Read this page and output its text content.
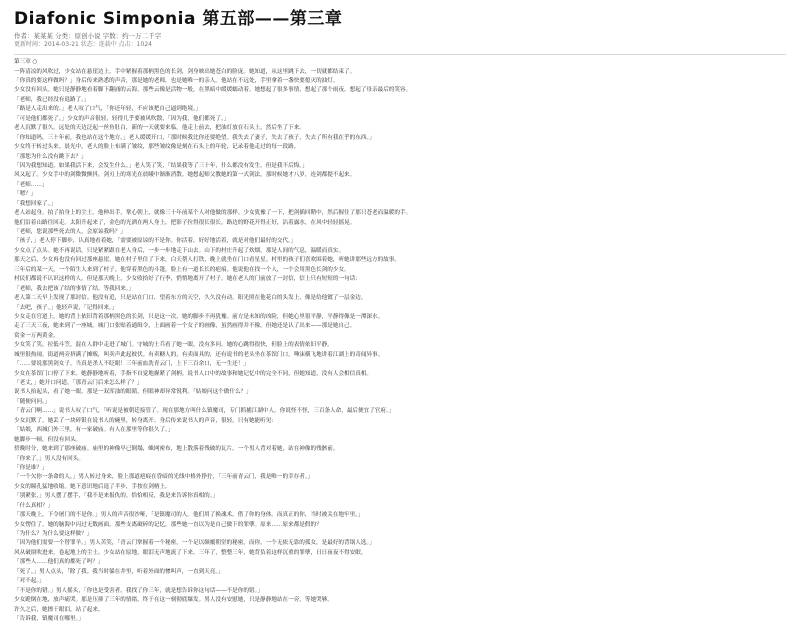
Diafonic Simponia 第五部——第三章
作者：某某某 分类：原创小说 字数：约一万二千字
更新时间：2014-03-21 状态：连载中 点击：1024

第三章 ○

一阵清凉的风吹过，少女站在悬崖边上，手中紧握着那柄黑色的长剑，剑身映出她苍白的脸庞。她知道，从这里跳下去，一切就都结束了。

「你真的要这样做吗？」身后传来熟悉的声音，那是她的老师，也是她唯一的亲人。他站在不远处，手里拿着一盏快要熄灭的油灯。

少女没有回头。她只是静静地看着脚下翻涌的云海，那些云像是活物一般，在黑暗中缓缓蠕动着。她想起了很多事情，想起了那个雨夜，想起了母亲最后的笑容。

「老师，我已经没有退路了。」

「路是人走出来的。」老人叹了口气，「你还年轻，不应该把自己逼到绝境。」

「可是他们都死了。」少女的声音很轻，轻得几乎要被风吹散，「因为我，他们都死了。」

老人沉默了很久。远处的天边泛起一丝鱼肚白，新的一天就要来临。他走上前去，把油灯放在石头上，然后坐了下来。

「你知道吗，三十年前，我也站在这个地方。」老人缓缓开口，「那时候我比你还要绝望。我失去了妻子，失去了孩子，失去了所有我在乎的东西。」

少女终于转过头来。晨光中，老人的脸上布满了皱纹，那些皱纹像是刻在石头上的年轮，记录着他走过的每一段路。

「那您为什么没有跳下去？」

「因为我想知道，如果我活下来，会发生什么。」老人笑了笑，「结果我等了三十年，什么都没有发生。但是我不后悔。」

风又起了。少女手中的剑微微颤抖，剑刃上的寒光在晨曦中渐渐消散。她想起师父教她的第一式剑法，那时候她才八岁，连剑都提不起来。

「老师……」

「嗯？」

「我想回家了。」

老人站起身，拍了拍身上的尘土。他伸出手，掌心朝上，就像三十年前某个人对他做的那样。少女犹豫了一下，把剑插回鞘中，然后握住了那只苍老而温暖的手。

他们沿着山路往回走。太阳升起来了，金色的光洒在两人身上，把影子拉得很长很长。路边的野花开得正好，沾着露水，在风中轻轻摇晃。

「老师，您说那些死去的人，会原谅我吗？」

「孩子，」老人停下脚步，认真地看着她，「需要被原谅的不是你。你活着，好好地活着，就是对他们最好的交代。」

少女点了点头。她不再说话，只是紧紧跟在老人身后，一步一步地走下山去。山下的村庄升起了炊烟，那是人间的气息，温暖而真实。

那天之后，少女再也没有回过那座悬崖。她在村子里住了下来，白天帮人打铁，晚上就坐在门口看星星。村里的孩子们喜欢围着她，听她讲那些远方的故事。

三年后的某一天，一个陌生人来到了村子。他穿着黑色的斗篷，脸上有一道长长的疤痕。他说他在找一个人，一个会用黑色长剑的少女。

村民们都说不认识这样的人。但是那天晚上，少女收拾好了行李，悄悄地离开了村子。她在老人的门前放了一封信，信上只有短短的一句话：

「老师，我去把该了结的事情了结。等我回来。」

老人第二天早上发现了那封信。他没有追，只是站在门口，望着东方的天空，久久没有动。阳光照在他花白的头发上，像是给他镀了一层金边。

「去吧，孩子。」他轻声说，「记得回来。」

少女走在官道上。她的背上依旧背着那柄黑色的长剑，只是这一次，她的脚步不再犹豫。前方是未知的凶险，但她心里很平静，平静得像是一潭深水。

走了三天三夜，她来到了一座城。城门口张贴着通缉令，上面画着一个女子的画像，虽然画得并不像，但她还是认了出来——那是她自己。

赏金一万两黄金。

少女笑了笑，拉低斗笠，混在人群中走进了城门。守城的士兵看了她一眼，没有多问。她的心跳得很快，但脸上的表情依旧平静。

城里很热闹。街道两旁挤满了摊贩，叫卖声此起彼伏。有卖糖人的，有卖面具的，还有说书的老头坐在茶馆门口，唾沫横飞地讲着江湖上的奇闻异事。

「……要说那黑剑女子，当真是杀人不眨眼！三年前血洗青云门，上下三百余口，无一生还！」

少女在茶馆门口停了下来。她静静地听着，手指不自觉地握紧了剑柄。说书人口中的故事和她记忆中的完全不同，但她知道，没有人会相信真相。

「老丈，」她开口问道，「那青云门后来怎么样了？」

说书人抬起头，看了她一眼。那是一双浑浊的眼睛，但眼神却异常锐利。「姑娘问这个做什么？」

「随便问问。」

「青云门啊……」说书人叹了口气，「听说是被朝廷接管了。现在那地方叫什么镇魔司，专门抓捕江湖中人。你说怪不怪，三百条人命，最后便宜了官府。」

少女沉默了。她丢了一块碎银在说书人的碗里，转身离开。身后传来说书人的声音，很轻，只有她能听见：

「姑娘，西城门外三里，有一家破庙。有人在那里等你很久了。」

她脚步一顿，但没有回头。

傍晚时分，她来到了那座破庙。庙里的神像早已倒塌，蛛网密布，地上散落着残破的瓦片。一个男人背对着她，站在神像的残骸前。

「你来了。」男人没有回头。

「你是谁？」

「一个欠你一条命的人。」男人转过身来，脸上那道疤痕在昏暗的光线中格外狰狞，「三年前青云门，我是唯一的幸存者。」

少女的瞳孔猛地收缩。她下意识地后退了半步，手按在剑柄上。

「别紧张，」男人摆了摆手，「我不是来报仇的。恰恰相反，我是来告诉你真相的。」

「什么真相？」

「那天晚上，下令屠门的不是你。」男人的声音很沙哑，「是镇魔司的人。他们用了换魂术，借了你的身体。而真正的你，当时被关在地牢里。」

少女愣住了。她的脑海中闪过无数画面，那些支离破碎的记忆，那些她一直以为是自己做下的罪孽。原来……原来都是假的？

「为什么？为什么要这样做？」

「因为他们需要一个替罪羊。」男人苦笑，「青云门掌握着一个秘密，一个足以颠覆朝堂的秘密。而你，一个无依无靠的孤女，是最好的背锅人选。」

风从破窗吹进来，卷起地上的尘土。少女站在原地，眼泪无声地流了下来。三年了，整整三年，她背负着这样沉重的罪孽，日日夜夜不得安眠。

「那些人……他们真的都死了吗？」

「死了。」男人点头，「除了我。我当时躲在井里，听着外面的惨叫声，一直到天亮。」

「对不起。」

「不是你的错。」男人摇头，「你也是受害者。我找了你三年，就是想告诉你这句话——不是你的错。」

少女跪倒在地，放声痛哭。那是压抑了三年的情绪，终于在这一刻彻底爆发。男人没有安慰她，只是静静地站在一旁，等她哭够。

许久之后，她擦干眼泪，站了起来。

「告诉我，镇魔司在哪里。」
